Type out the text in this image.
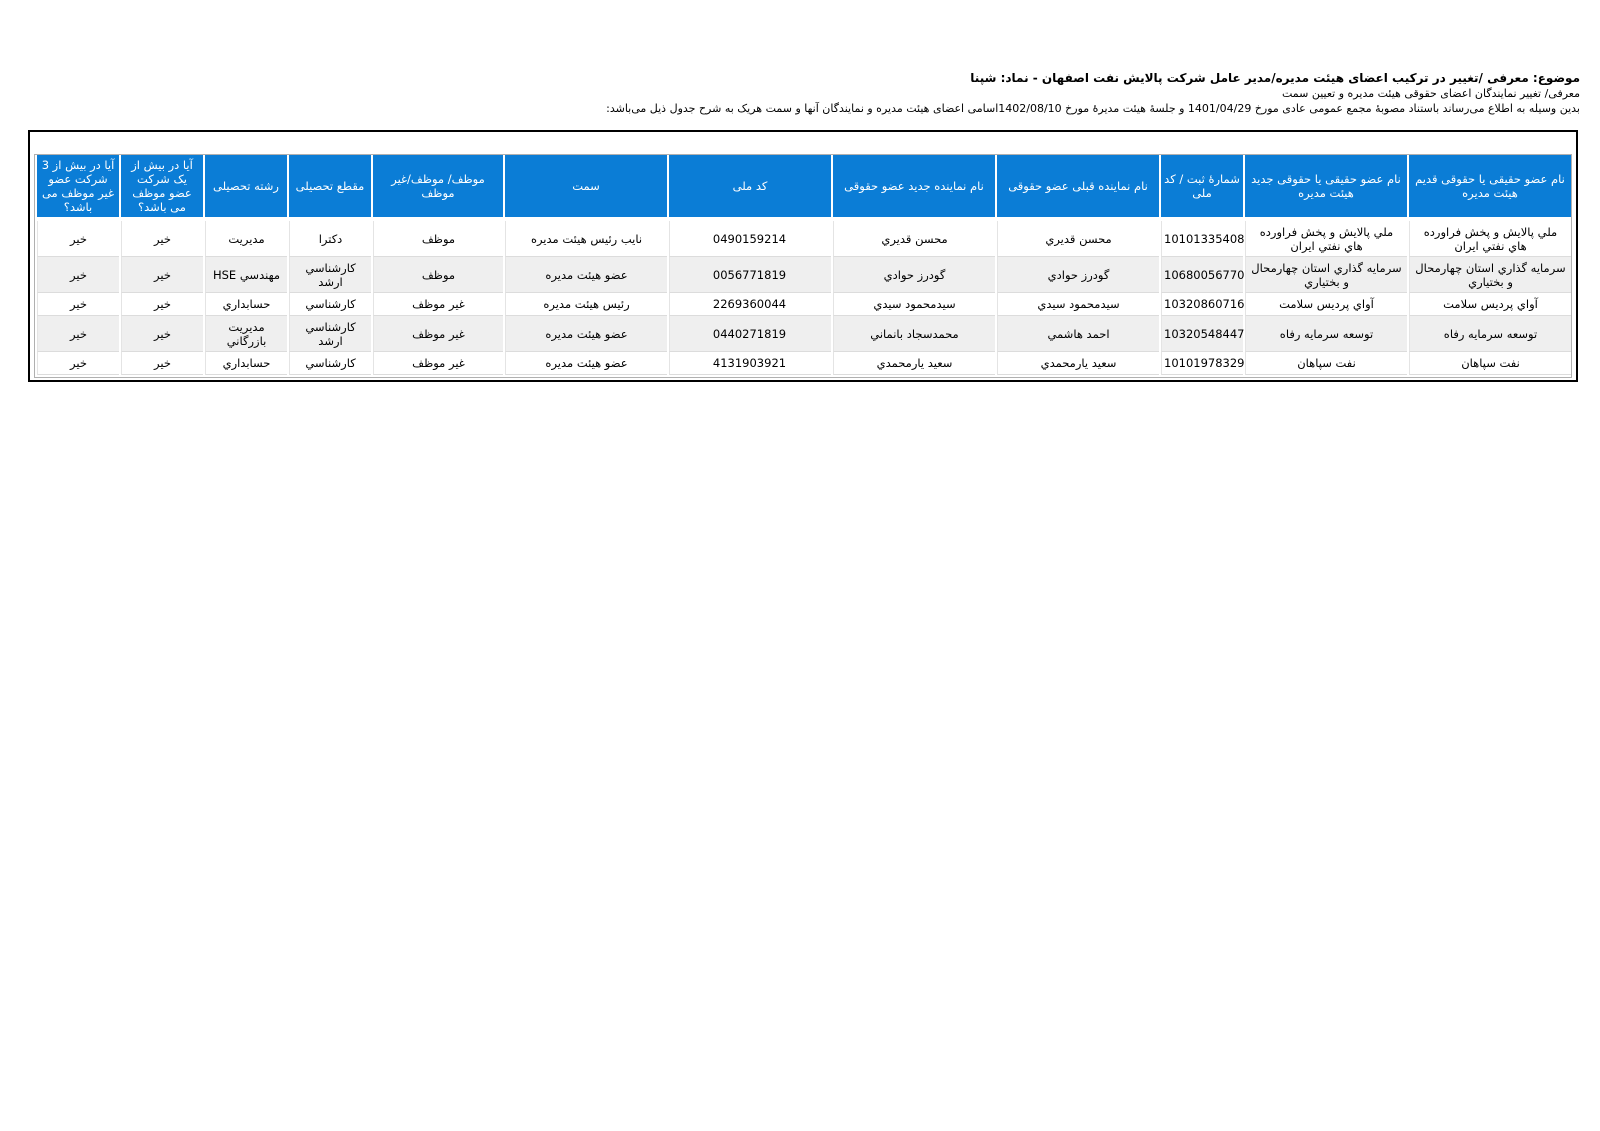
موضوع: معرفی /تغییر در ترکیب اعضای هیئت مدیره/مدیر عامل شرکت پالایش نفت اصفهان - نماد: شپنا
معرفی/ تغییر نمایندگان اعضای حقوقی هیئت مدیره و تعیین سمت
بدین وسیله به اطلاع می‌رساند باستناد مصوبهٔ مجمع عمومی عادی مورخ 1401/04/29 و جلسهٔ هیئت مدیرهٔ مورخ 1402/08/10اسامی اعضای هیئت مدیره و نمایندگان آنها و سمت هریک به شرح جدول ذیل می‌باشد:
نام عضو حقیقی یا حقوقی قدیم هیئت مدیره	نام عضو حقیقی یا حقوقی جدید هیئت مدیره	شمارهٔ ثبت / کد ملی	نام نماینده قبلی عضو حقوقی	نام نماینده جدید عضو حقوقی	کد ملی	سمت	موظف/ موظف/غیر موظف	مقطع تحصیلی	رشته تحصیلی	آیا در بیش از یک شرکت عضو موظف می باشد؟	آیا در بیش از 3 شرکت عضو غیر موظف می باشد؟
ملي پالايش و پخش فراورده هاي نفتي ايران	ملي پالايش و پخش فراورده هاي نفتي ايران	10101335408	محسن قديري	محسن قديري	0490159214	نايب رئيس هيئت مديره	موظف	دكترا	مديريت	خير	خير
سرمايه گذاري استان چهارمحال و بختياري	سرمايه گذاري استان چهارمحال و بختياري	10680056770	گودرز حوادي	گودرز حوادي	0056771819	عضو هيئت مديره	موظف	كارشناسي ارشد	مهندسي HSE	خير	خير
آواي پرديس سلامت	آواي پرديس سلامت	10320860716	سيدمحمود سيدي	سيدمحمود سيدي	2269360044	رئيس هيئت مديره	غير موظف	كارشناسي	حسابداري	خير	خير
توسعه سرمايه رفاه	توسعه سرمايه رفاه	10320548447	احمد هاشمي	محمدسجاد بانماني	0440271819	عضو هيئت مديره	غير موظف	كارشناسي ارشد	مديريت بازرگاني	خير	خير
نفت سپاهان	نفت سپاهان	10101978329	سعيد يارمحمدي	سعيد يارمحمدي	4131903921	عضو هيئت مديره	غير موظف	كارشناسي	حسابداري	خير	خير
